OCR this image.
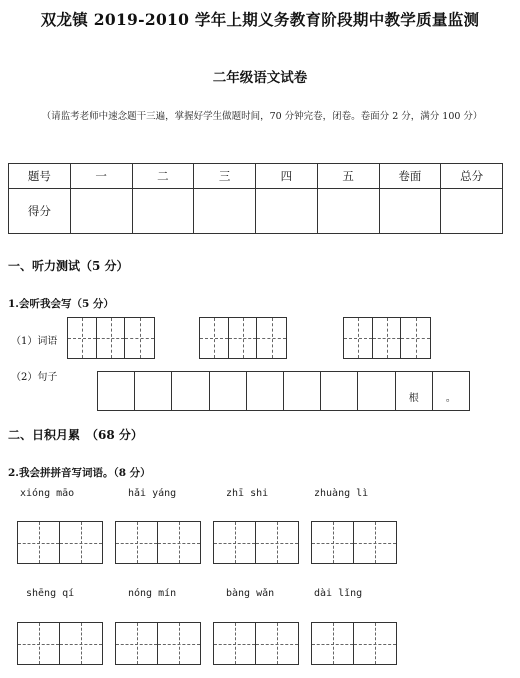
双龙镇 2019-2010 学年上期义务教育阶段期中教学质量监测
二年级语文试卷
（请监考老师中速念题干三遍，掌握好学生做题时间，70 分钟完卷，闭卷。卷面分 2 分，满分 100 分）
题号	一	二	三	四	五	卷面	总分
得分							
一、听力测试（5 分）
1.会听我会写（5 分）
（1）词语
（2）句子
根	。
二、日积月累　（68 分）
2.我会拼拼音写词语。（8 分）
xióng māo	hǎi yáng	zhī shi	zhuàng lì
shēng qí	nóng mín	bàng wǎn	dài lǐng
